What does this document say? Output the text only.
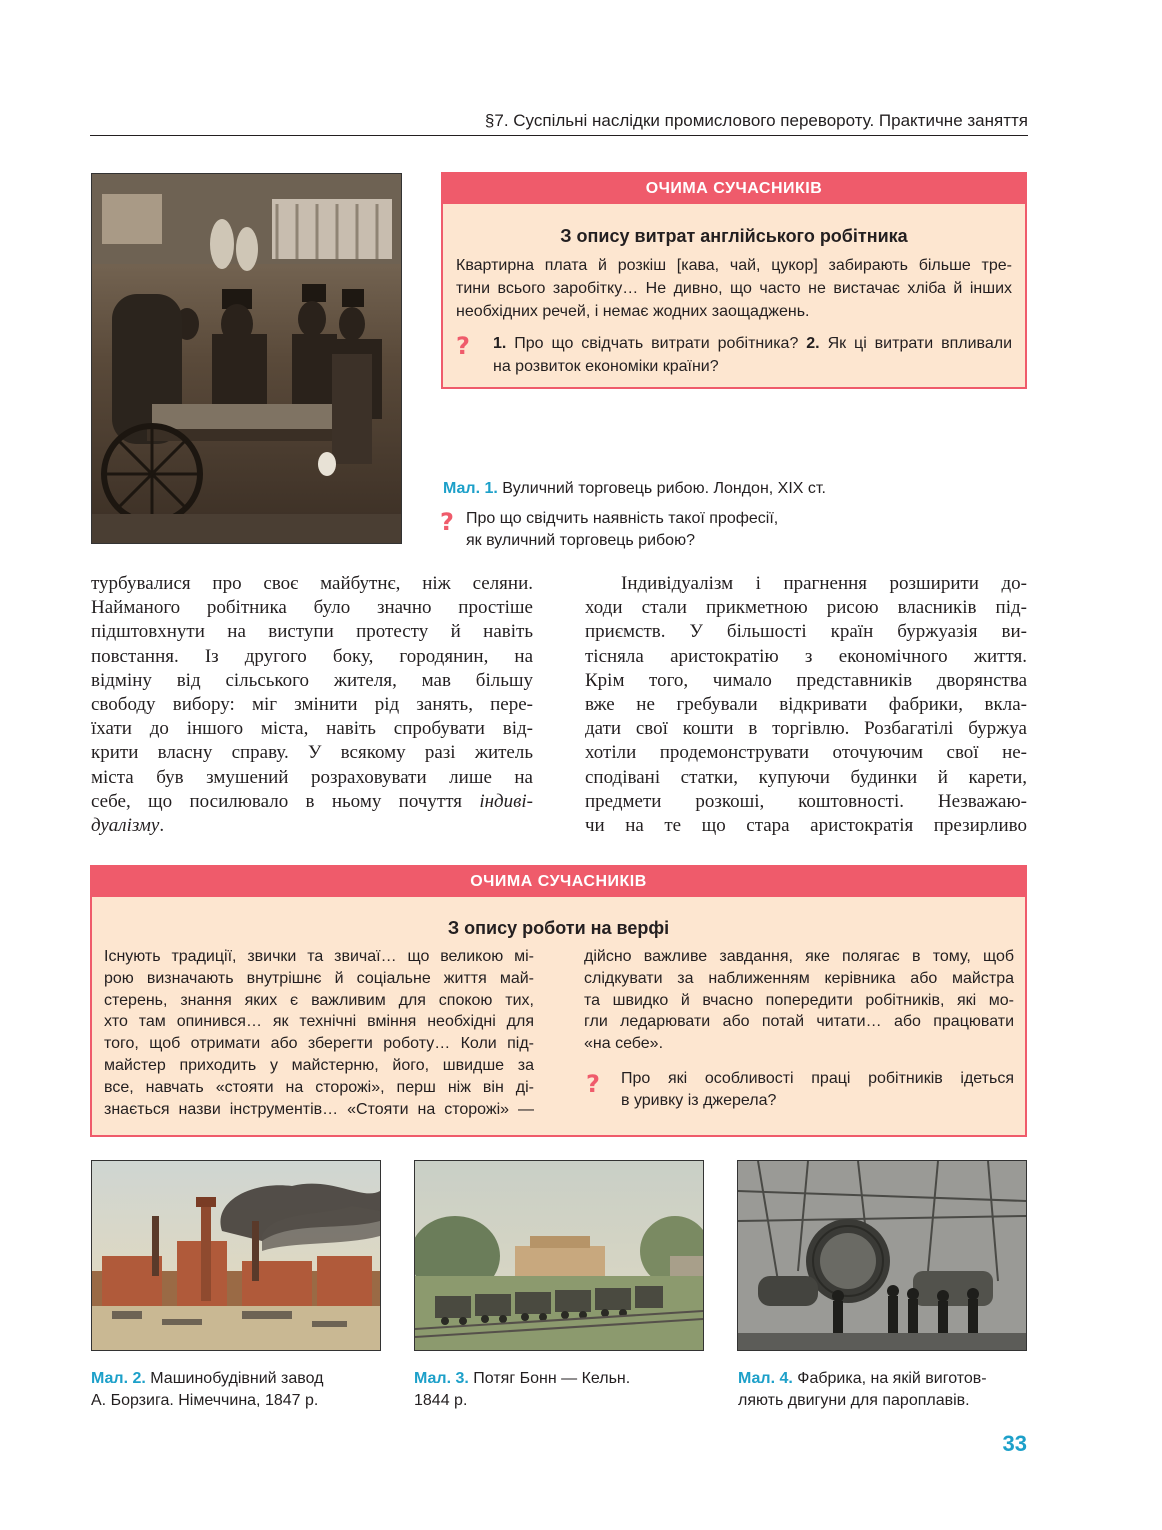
§7. Суспільні наслідки промислового перевороту. Практичне заняття
ОЧИМА СУЧАСНИКІВ
З опису витрат англійського робітника
Квартирна плата й розкіш [кава, чай, цукор] забирають більше тре-
тини всього заробітку… Не дивно, що часто не вистачає хліба й інших
необхідних речей, і немає жодних заощаджень.
? 1. Про що свідчать витрати робітника? 2. Як ці витрати впливали
на розвиток економіки країни?
Мал. 1. Вуличний торговець рибою. Лондон, XIX ст.
? Про що свідчить наявність такої професії,
як вуличний торговець рибою?
турбувалися про своє майбутнє, ніж селяни.
Найманого робітника було значно простіше
підштовхнути на виступи протесту й навіть
повстання. Із другого боку, городянин, на
відміну від сільського жителя, мав більшу
свободу вибору: міг змінити рід занять, пере-
їхати до іншого міста, навіть спробувати від-
крити власну справу. У всякому разі житель
міста був змушений розраховувати лише на
себе, що посилювало в ньому почуття індиві-
дуалізму.
Індивідуалізм і прагнення розширити до-
ходи стали прикметною рисою власників під-
приємств. У більшості країн буржуазія ви-
тісняла аристократію з економічного життя.
Крім того, чимало представників дворянства
вже не гребували відкривати фабрики, вкла-
дати свої кошти в торгівлю. Розбагатілі буржуа
хотіли продемонструвати оточуючим свої не-
сподівані статки, купуючи будинки й карети,
предмети розкоші, коштовності. Незважаю-
чи на те що стара аристократія презирливо
ОЧИМА СУЧАСНИКІВ
З опису роботи на верфі
Існують традиції, звички та звичаї… що великою мі-
рою визначають внутрішнє й соціальне життя май-
стерень, знання яких є важливим для спокою тих,
хто там опинився… як технічні вміння необхідні для
того, щоб отримати або зберегти роботу… Коли під-
майстер приходить у майстерню, його, швидше за
все, навчать «стояти на сторожі», перш ніж він ді-
знається назви інструментів… «Стояти на сторожі» —
дійсно важливе завдання, яке полягає в тому, щоб
слідкувати за наближенням керівника або майстра
та швидко й вчасно попередити робітників, які мо-
гли ледарювати або потай читати… або працювати
«на себе».
? Про які особливості праці робітників ідеться
в уривку із джерела?
Мал. 2. Машинобудівний завод
А. Борзига. Німеччина, 1847 р.
Мал. 3. Потяг Бонн — Кельн.
1844 р.
Мал. 4. Фабрика, на якій виготов-
ляють двигуни для пароплавів.
33
